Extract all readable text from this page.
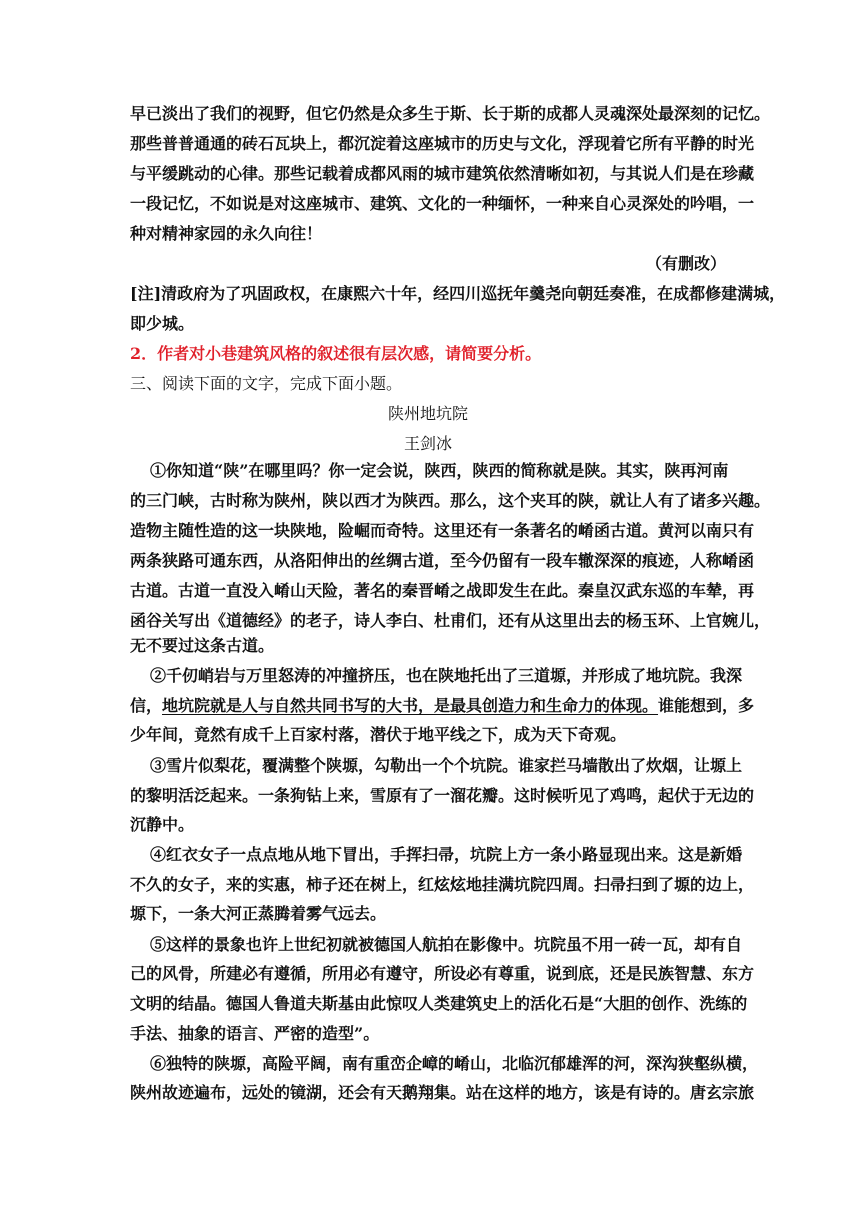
早已淡出了我们的视野，但它仍然是众多生于斯、长于斯的成都人灵魂深处最深刻的记忆。
那些普普通通的砖石瓦块上，都沉淀着这座城市的历史与文化，浮现着它所有平静的时光
与平缓跳动的心律。那些记载着成都风雨的城市建筑依然清晰如初，与其说人们是在珍藏
一段记忆，不如说是对这座城市、建筑、文化的一种缅怀，一种来自心灵深处的吟唱，一
种对精神家园的永久向往！
（有删改）
[注]清政府为了巩固政权，在康熙六十年，经四川巡抚年羹尧向朝廷奏准，在成都修建满城，
即少城。
2．作者对小巷建筑风格的叙述很有层次感，请简要分析。
三、阅读下面的文字，完成下面小题。
陕州地坑院
王剑冰
①你知道“陕”在哪里吗？你一定会说，陕西，陕西的简称就是陕。其实，陕再河南
的三门峡，古时称为陕州，陕以西才为陕西。那么，这个夹耳的陕，就让人有了诸多兴趣。
造物主随性造的这一块陕地，险崛而奇特。这里还有一条著名的崤函古道。黄河以南只有
两条狭路可通东西，从洛阳伸出的丝绸古道，至今仍留有一段车辙深深的痕迹，人称崤函
古道。古道一直没入崤山天险，著名的秦晋崤之战即发生在此。秦皇汉武东巡的车辇，再
函谷关写出《道德经》的老子，诗人李白、杜甫们，还有从这里出去的杨玉环、上官婉儿，
无不要过这条古道。
②千仞峭岩与万里怒涛的冲撞挤压，也在陕地托出了三道塬，并形成了地坑院。我深
信，地坑院就是人与自然共同书写的大书，是最具创造力和生命力的体现。谁能想到，多
少年间，竟然有成千上百家村落，潜伏于地平线之下，成为天下奇观。
③雪片似梨花，覆满整个陕塬，勾勒出一个个坑院。谁家拦马墙散出了炊烟，让塬上
的黎明活泛起来。一条狗钻上来，雪原有了一溜花瓣。这时候听见了鸡鸣，起伏于无边的
沉静中。
④红衣女子一点点地从地下冒出，手挥扫帚，坑院上方一条小路显现出来。这是新婚
不久的女子，来的实惠，柿子还在树上，红炫炫地挂满坑院四周。扫帚扫到了塬的边上，
塬下，一条大河正蒸腾着雾气远去。
⑤这样的景象也许上世纪初就被德国人航拍在影像中。坑院虽不用一砖一瓦，却有自
己的风骨，所建必有遵循，所用必有遵守，所设必有尊重，说到底，还是民族智慧、东方
文明的结晶。德国人鲁道夫斯基由此惊叹人类建筑史上的活化石是“大胆的创作、洗练的
手法、抽象的语言、严密的造型”。
⑥独特的陕塬，高险平阔，南有重峦企嶂的崤山，北临沉郁雄浑的河，深沟狭壑纵横，
陕州故迹遍布，远处的镜湖，还会有天鹅翔集。站在这样的地方，该是有诗的。唐玄宗旅
